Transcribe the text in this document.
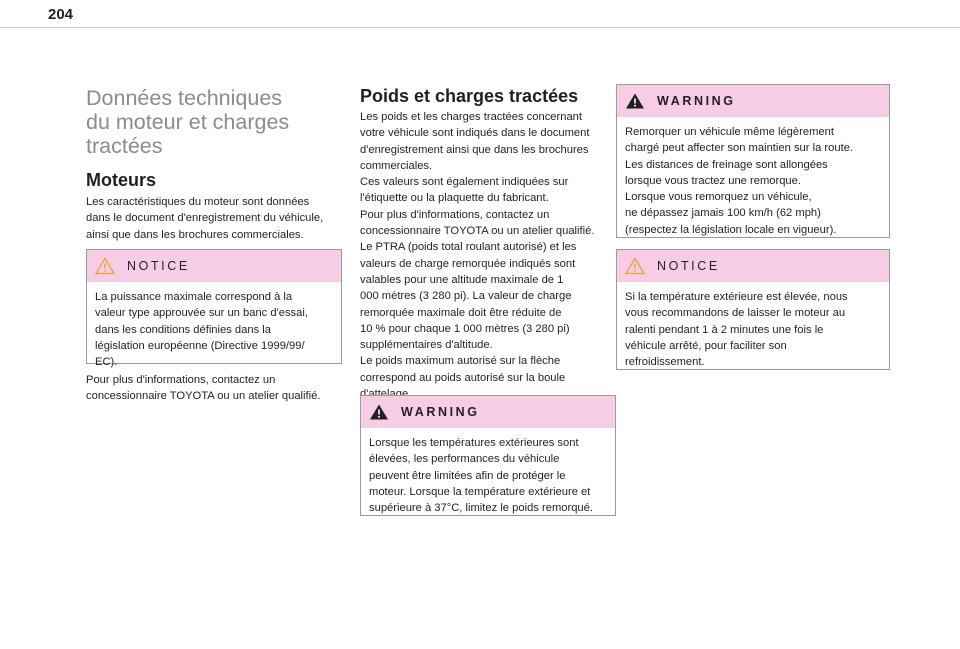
204
Données techniques
du moteur et charges
tractées
Moteurs

Les caractéristiques du moteur sont données
dans le document d'enregistrement du véhicule,
ainsi que dans les brochures commerciales.

NOTICE
La puissance maximale correspond à la
valeur type approuvée sur un banc d'essai,
dans les conditions définies dans la
législation européenne (Directive 1999/99/
EC).

Pour plus d'informations, contactez un
concessionnaire TOYOTA ou un atelier qualifié.

Poids et charges tractées

Les poids et les charges tractées concernant
votre véhicule sont indiqués dans le document
d'enregistrement ainsi que dans les brochures
commerciales.
Ces valeurs sont également indiquées sur
l'étiquette ou la plaquette du fabricant.
Pour plus d'informations, contactez un
concessionnaire TOYOTA ou un atelier qualifié.
Le PTRA (poids total roulant autorisé) et les
valeurs de charge remorquée indiqués sont
valables pour une altitude maximale de 1
000 mètres (3 280 pi). La valeur de charge
remorquée maximale doit être réduite de
10 % pour chaque 1 000 mètres (3 280 pi)
supplémentaires d'altitude.
Le poids maximum autorisé sur la flèche
correspond au poids autorisé sur la boule

WARNING
Lorsque les températures extérieures sont
élevées, les performances du véhicule
peuvent être limitées afin de protéger le
moteur. Lorsque la température extérieure et
supérieure à 37°C, limitez le poids remorqué.
WARNING
Remorquer un véhicule même légèrement
chargé peut affecter son maintien sur la route.
Les distances de freinage sont allongées
lorsque vous tractez une remorque.
Lorsque vous remorquez un véhicule,
ne dépassez jamais 100 km/h (62 mph)
(respectez la législation locale en vigueur).
NOTICE
Si la température extérieure est élevée, nous
vous recommandons de laisser le moteur au
ralenti pendant 1 à 2 minutes une fois le
véhicule arrêté, pour faciliter son
refroidissement.
